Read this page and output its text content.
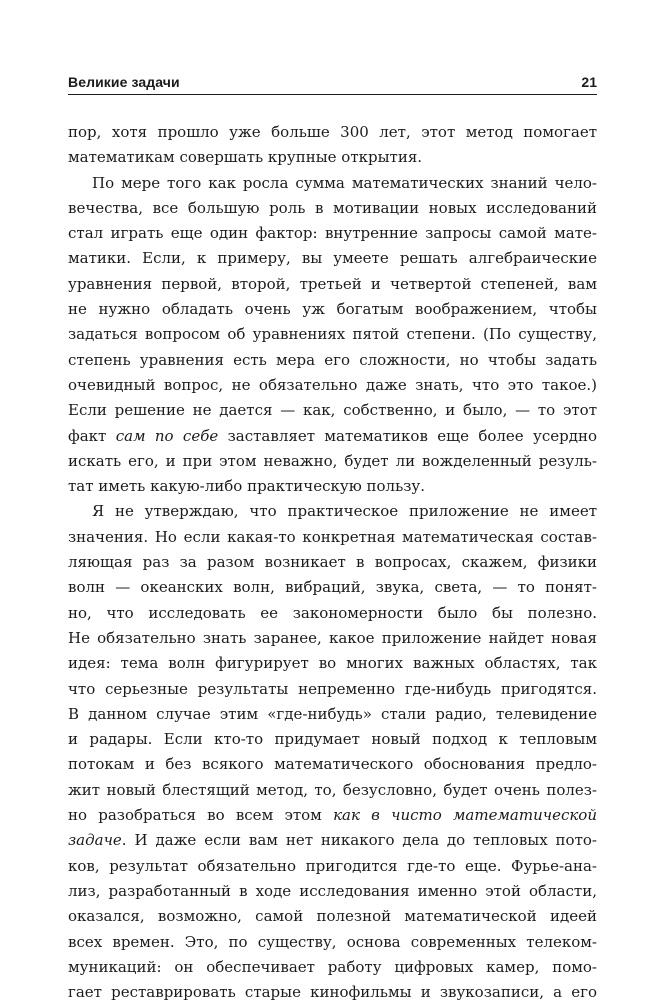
Великие задачи	21
пор, хотя прошло уже больше 300 лет, этот метод помогает
математикам совершать крупные открытия.
По мере того как росла сумма математических знаний чело-
вечества, все большую роль в мотивации новых исследований
стал играть еще один фактор: внутренние запросы самой мате-
матики. Если, к примеру, вы умеете решать алгебраические
уравнения первой, второй, третьей и четвертой степеней, вам
не нужно обладать очень уж богатым воображением, чтобы
задаться вопросом об уравнениях пятой степени. (По существу,
степень уравнения есть мера его сложности, но чтобы задать
очевидный вопрос, не обязательно даже знать, что это такое.)
Если решение не дается — как, собственно, и было, — то этот
факт сам по себе заставляет математиков еще более усердно
искать его, и при этом неважно, будет ли вожделенный резуль-
тат иметь какую-либо практическую пользу.
Я не утверждаю, что практическое приложение не имеет
значения. Но если какая-то конкретная математическая состав-
ляющая раз за разом возникает в вопросах, скажем, физики
волн — океанских волн, вибраций, звука, света, — то понят-
но, что исследовать ее закономерности было бы полезно.
Не обязательно знать заранее, какое приложение найдет новая
идея: тема волн фигурирует во многих важных областях, так
что серьезные результаты непременно где-нибудь пригодятся.
В данном случае этим «где-нибудь» стали радио, телевидение
и радары. Если кто-то придумает новый подход к тепловым
потокам и без всякого математического обоснования предло-
жит новый блестящий метод, то, безусловно, будет очень полез-
но разобраться во всем этом как в чисто математической
задаче. И даже если вам нет никакого дела до тепловых пото-
ков, результат обязательно пригодится где-то еще. Фурье-ана-
лиз, разработанный в ходе исследования именно этой области,
оказался, возможно, самой полезной математической идеей
всех времен. Это, по существу, основа современных телеком-
муникаций: он обеспечивает работу цифровых камер, помо-
гает реставрировать старые кинофильмы и звукозаписи, а его
